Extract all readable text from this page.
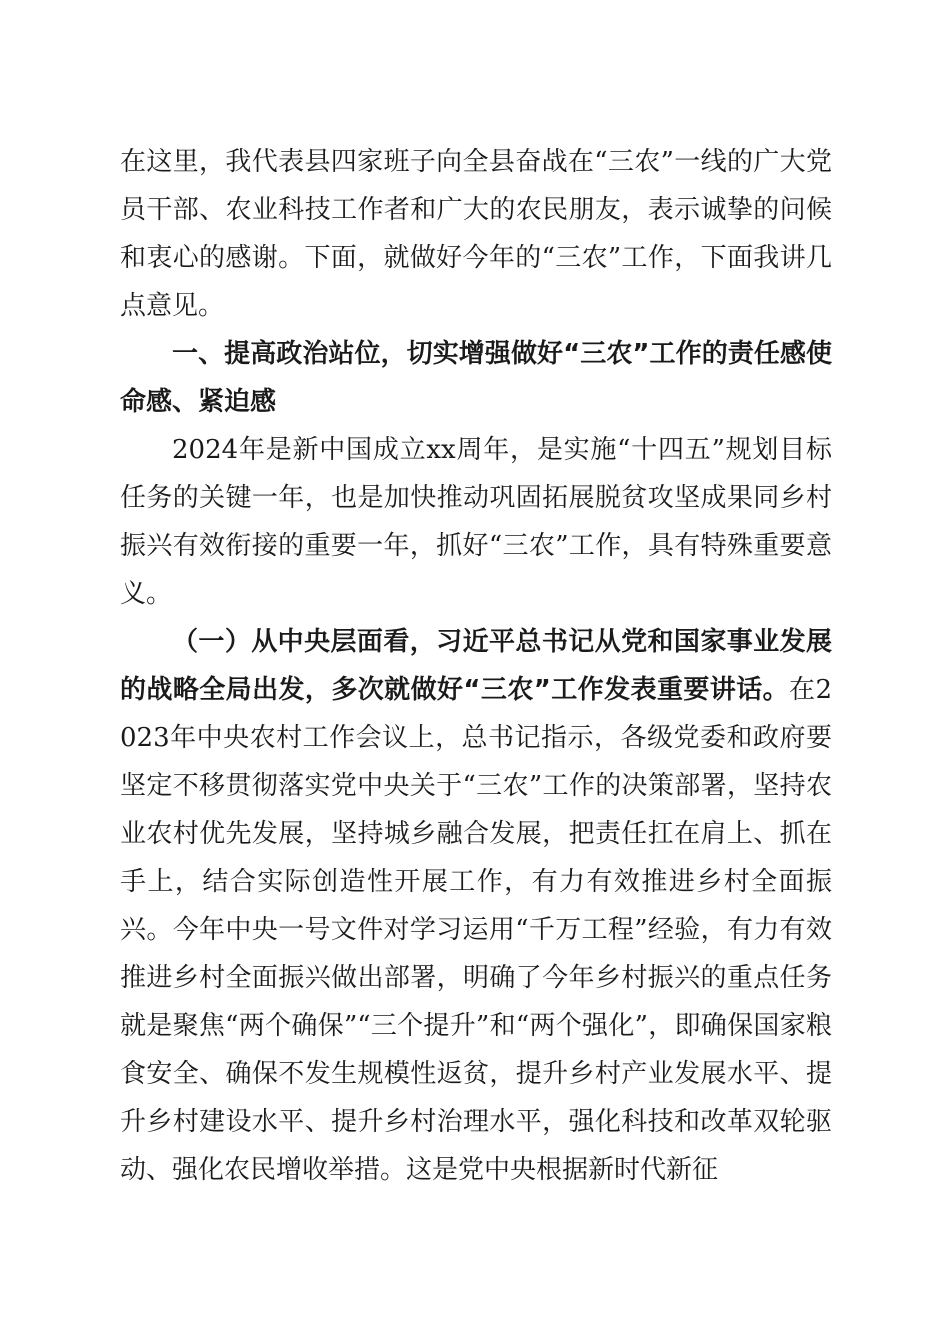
在这里，我代表县四家班子向全县奋战在“三农”一线的广大党员干部、农业科技工作者和广大的农民朋友，表示诚挚的问候和衷心的感谢。下面，就做好今年的“三农”工作，下面我讲几点意见。

一、提高政治站位，切实增强做好“三农”工作的责任感使命感、紧迫感

2024年是新中国成立xx周年，是实施“十四五”规划目标任务的关键一年，也是加快推动巩固拓展脱贫攻坚成果同乡村振兴有效衔接的重要一年，抓好“三农”工作，具有特殊重要意义。

（一）从中央层面看，习近平总书记从党和国家事业发展的战略全局出发，多次就做好“三农”工作发表重要讲话。在2023年中央农村工作会议上，总书记指示，各级党委和政府要坚定不移贯彻落实党中央关于“三农”工作的决策部署，坚持农业农村优先发展，坚持城乡融合发展，把责任扛在肩上、抓在手上，结合实际创造性开展工作，有力有效推进乡村全面振兴。今年中央一号文件对学习运用“千万工程”经验，有力有效推进乡村全面振兴做出部署，明确了今年乡村振兴的重点任务就是聚焦“两个确保”“三个提升”和“两个强化”，即确保国家粮食安全、确保不发生规模性返贫，提升乡村产业发展水平、提升乡村建设水平、提升乡村治理水平，强化科技和改革双轮驱动、强化农民增收举措。这是党中央根据新时代新征
